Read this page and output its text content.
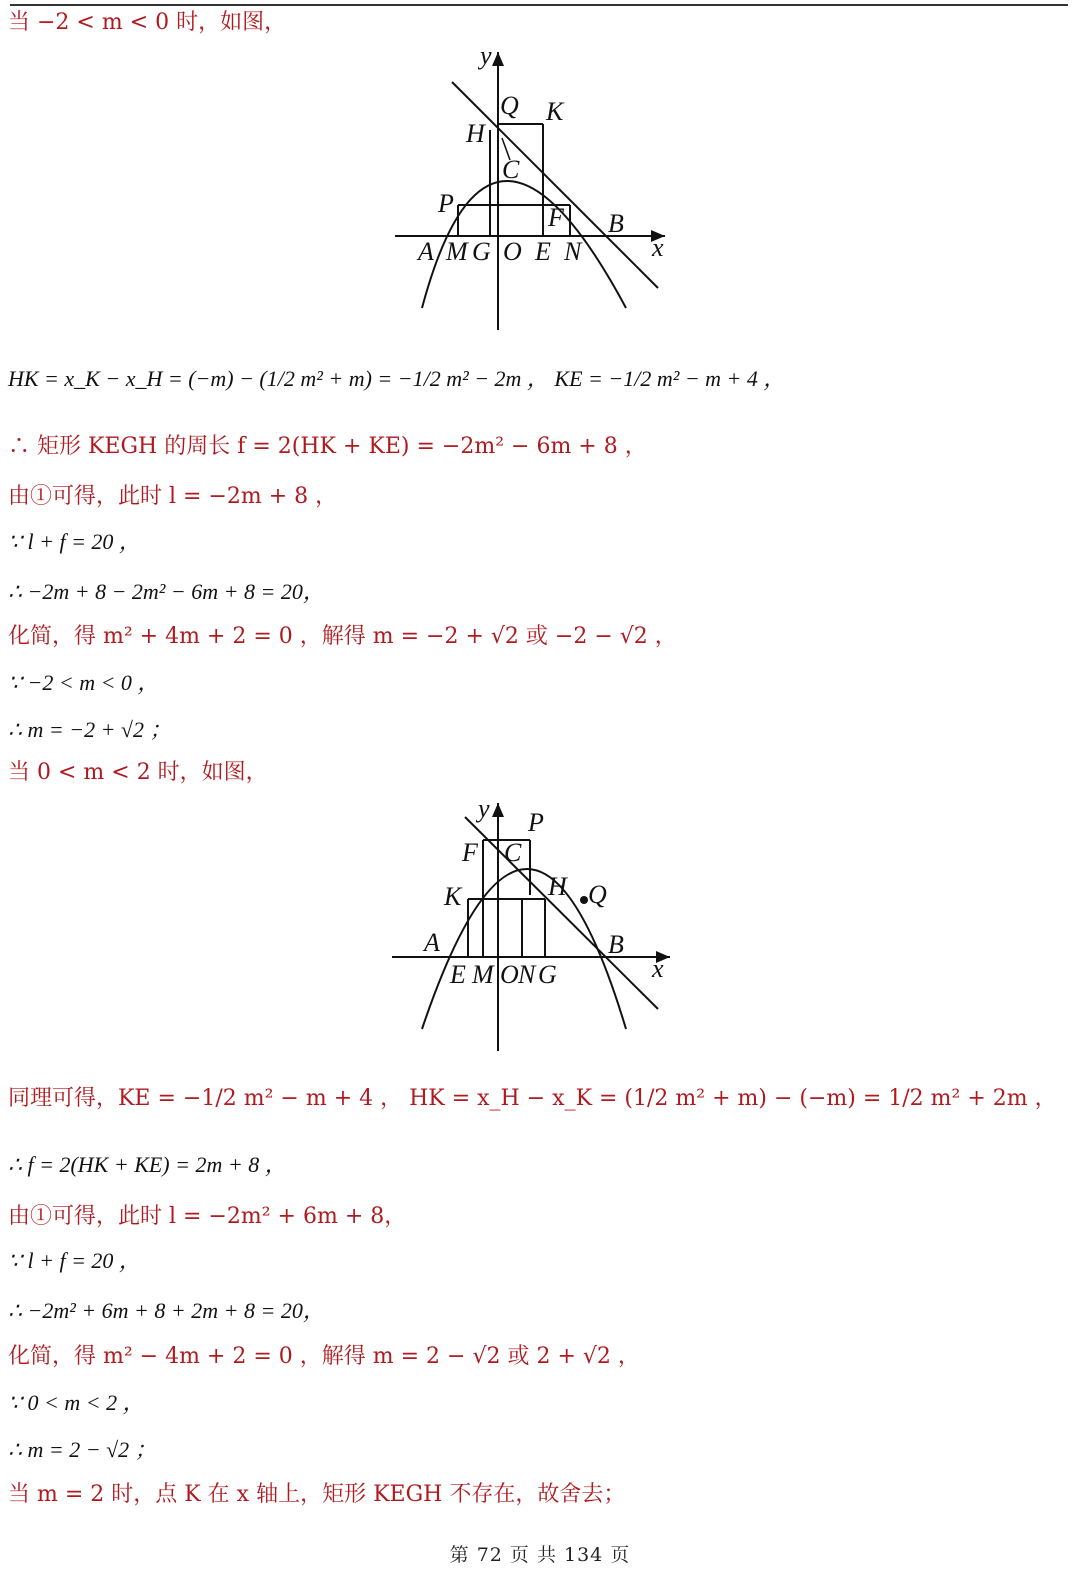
当 −2 < m < 0 时，如图，
y
x
Q K
H
C
P	F B
A M G O E N
HK = x_K − x_H = (−m) − (1/2 m² + m) = −1/2 m² − 2m ， KE = −1/2 m² − m + 4 ，
∴ 矩形 KEGH 的周长 f = 2(HK + KE) = −2m² − 6m + 8 ，
由①可得，此时 l = −2m + 8 ，
∵ l + f = 20 ，
∴ −2m + 8 − 2m² − 6m + 8 = 20，
化简，得 m² + 4m + 2 = 0 ，解得 m = −2 + √2 或 −2 − √2 ，
∵ −2 < m < 0 ，
∴ m = −2 + √2 ；
当 0 < m < 2 时，如图，
y
x
P
F C
K	H Q
A	B
E M O N G
同理可得，KE = −1/2 m² − m + 4 ， HK = x_H − x_K = (1/2 m² + m) − (−m) = 1/2 m² + 2m ，
∴ f = 2(HK + KE) = 2m + 8 ，
由①可得，此时 l = −2m² + 6m + 8，
∵ l + f = 20 ，
∴ −2m² + 6m + 8 + 2m + 8 = 20，
化简，得 m² − 4m + 2 = 0 ，解得 m = 2 − √2 或 2 + √2 ，
∵ 0 < m < 2 ，
∴ m = 2 − √2 ；
当 m = 2 时，点 K 在 x 轴上，矩形 KEGH 不存在，故舍去；
第 72 页 共 134 页
